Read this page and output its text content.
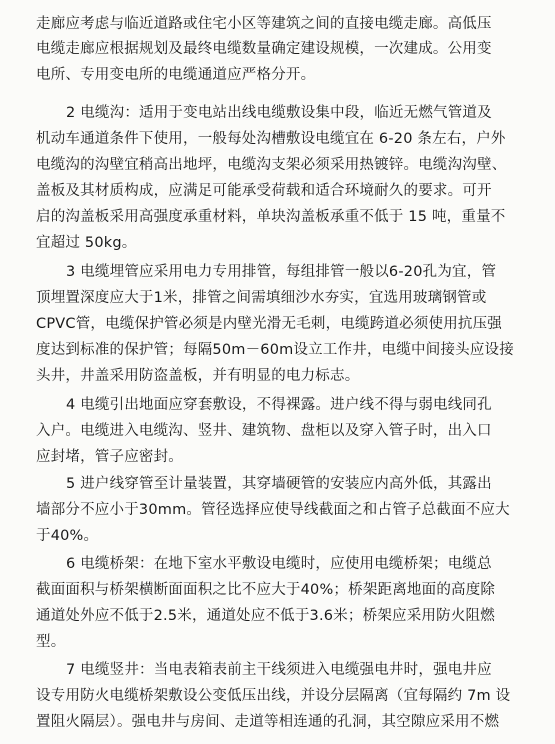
走廊应考虑与临近道路或住宅小区等建筑之间的直接电缆走廊。高低压
电缆走廊应根据规划及最终电缆数量确定建设规模，一次建成。公用变
电所、专用变电所的电缆通道应严格分开。
2 电缆沟：适用于变电站出线电缆敷设集中段，临近无燃气管道及
机动车通道条件下使用，一般每处沟槽敷设电缆宜在 6-20 条左右，户外
电缆沟的沟壁宜稍高出地坪，电缆沟支架必须采用热镀锌。电缆沟沟壁、
盖板及其材质构成，应满足可能承受荷载和适合环境耐久的要求。可开
启的沟盖板采用高强度承重材料，单块沟盖板承重不低于 15 吨，重量不
宜超过 50kg。
3 电缆埋管应采用电力专用排管，每组排管一般以6-20孔为宜，管
顶埋置深度应大于1米，排管之间需填细沙水夯实，宜选用玻璃钢管或
CPVC管，电缆保护管必须是内壁光滑无毛刺，电缆跨道必须使用抗压强
度达到标准的保护管；每隔50m－60m设立工作井，电缆中间接头应设接
头井，井盖采用防盗盖板，并有明显的电力标志。
4 电缆引出地面应穿套敷设，不得裸露。进户线不得与弱电线同孔
入户。电缆进入电缆沟、竖井、建筑物、盘柜以及穿入管子时，出入口
应封堵，管子应密封。
5 进户线穿管至计量装置，其穿墙硬管的安装应内高外低，其露出
墙部分不应小于30mm。管径选择应使导线截面之和占管子总截面不应大
于40%。
6 电缆桥架：在地下室水平敷设电缆时，应使用电缆桥架；电缆总
截面面积与桥架横断面面积之比不应大于40%；桥架距离地面的高度除
通道处外应不低于2.5米，通道处应不低于3.6米；桥架应采用防火阻燃
型。
7 电缆竖井：当电表箱表前主干线须进入电缆强电井时，强电井应
设专用防火电缆桥架敷设公变低压出线，并设分层隔离（宜每隔约 7m 设
置阻火隔层）。强电井与房间、走道等相连通的孔洞，其空隙应采用不燃
